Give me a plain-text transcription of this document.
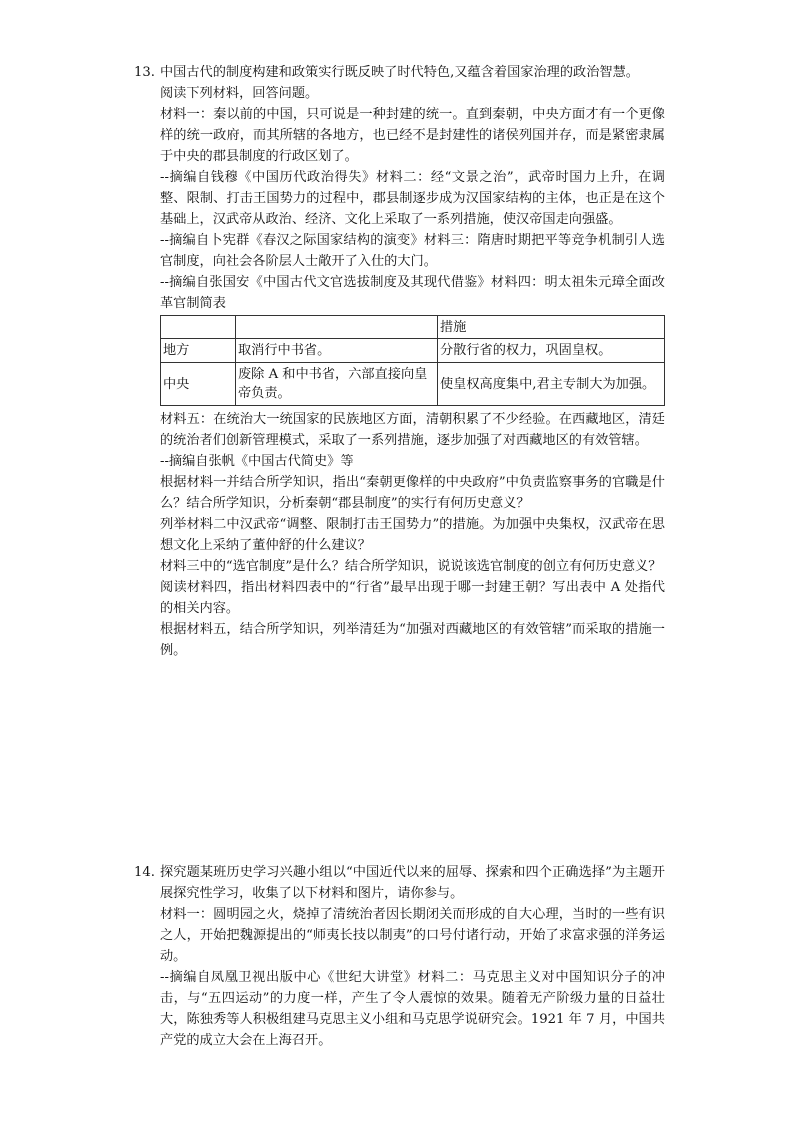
13. 中国古代的制度构建和政策实行既反映了时代特色,又蕴含着国家治理的政治智慧。

阅读下列材料，回答问题。

材料一：秦以前的中国，只可说是一种封建的统一。直到秦朝，中央方面才有一个更像样的统一政府，而其所辖的各地方，也已经不是封建性的诸侯列国并存，而是紧密隶属于中央的郡县制度的行政区划了。

--摘编自钱穆《中国历代政治得失》材料二：经“文景之治”，武帝时国力上升，在调整、限制、打击王国势力的过程中，郡县制逐步成为汉国家结构的主体，也正是在这个基础上，汉武帝从政治、经济、文化上采取了一系列措施，使汉帝国走向强盛。

--摘编自卜宪群《春汉之际国家结构的演变》材料三：隋唐时期把平等竞争机制引人选官制度，向社会各阶层人士敞开了入仕的大门。

--摘编自张国安《中国古代文官选拔制度及其现代借鉴》材料四：明太祖朱元璋全面改革官制简表

		措施
地方	取消行中书省。	分散行省的权力，巩固皇权。
中央	废除 A 和中书省，六部直接向皇帝负责。	使皇权高度集中,君主专制大为加强。

材料五：在统治大一统国家的民族地区方面，清朝积累了不少经验。在西藏地区，清廷的统治者们创新管理模式，采取了一系列措施，逐步加强了对西藏地区的有效管辖。

--摘编自张帆《中国古代简史》等

根据材料一并结合所学知识，指出“秦朝更像样的中央政府”中负责监察事务的官職是什么？结合所学知识，分析秦朝“郡县制度”的实行有何历史意义？

列举材料二中汉武帝“调整、限制打击王国势力”的措施。为加强中央集权，汉武帝在思想文化上采纳了董仲舒的什么建议？

材料三中的“选官制度”是什么？结合所学知识，说说该选官制度的创立有何历史意义？

阅读材料四，指出材料四表中的“行省”最早出现于哪一封建王朝？写出表中 A 处指代的相关内容。

根据材料五，结合所学知识，列举清廷为“加强对西藏地区的有效管辖”而采取的措施一例。

14. 探究题某班历史学习兴趣小组以“中国近代以来的屈辱、探索和四个正确选择”为主题开展探究性学习，收集了以下材料和图片，请你参与。

材料一：圆明园之火，烧掉了清统治者因长期闭关而形成的自大心理，当时的一些有识之人，开始把魏源提出的“师夷长技以制夷”的口号付诸行动，开始了求富求强的洋务运动。

--摘编自凤凰卫视出版中心《世纪大讲堂》材料二：马克思主义对中国知识分子的冲击，与“五四运动”的力度一样，产生了令人震惊的效果。随着无产阶级力量的日益壮大，陈独秀等人积极组建马克思主义小组和马克思学说研究会。1921 年 7 月，中国共产党的成立大会在上海召开。
